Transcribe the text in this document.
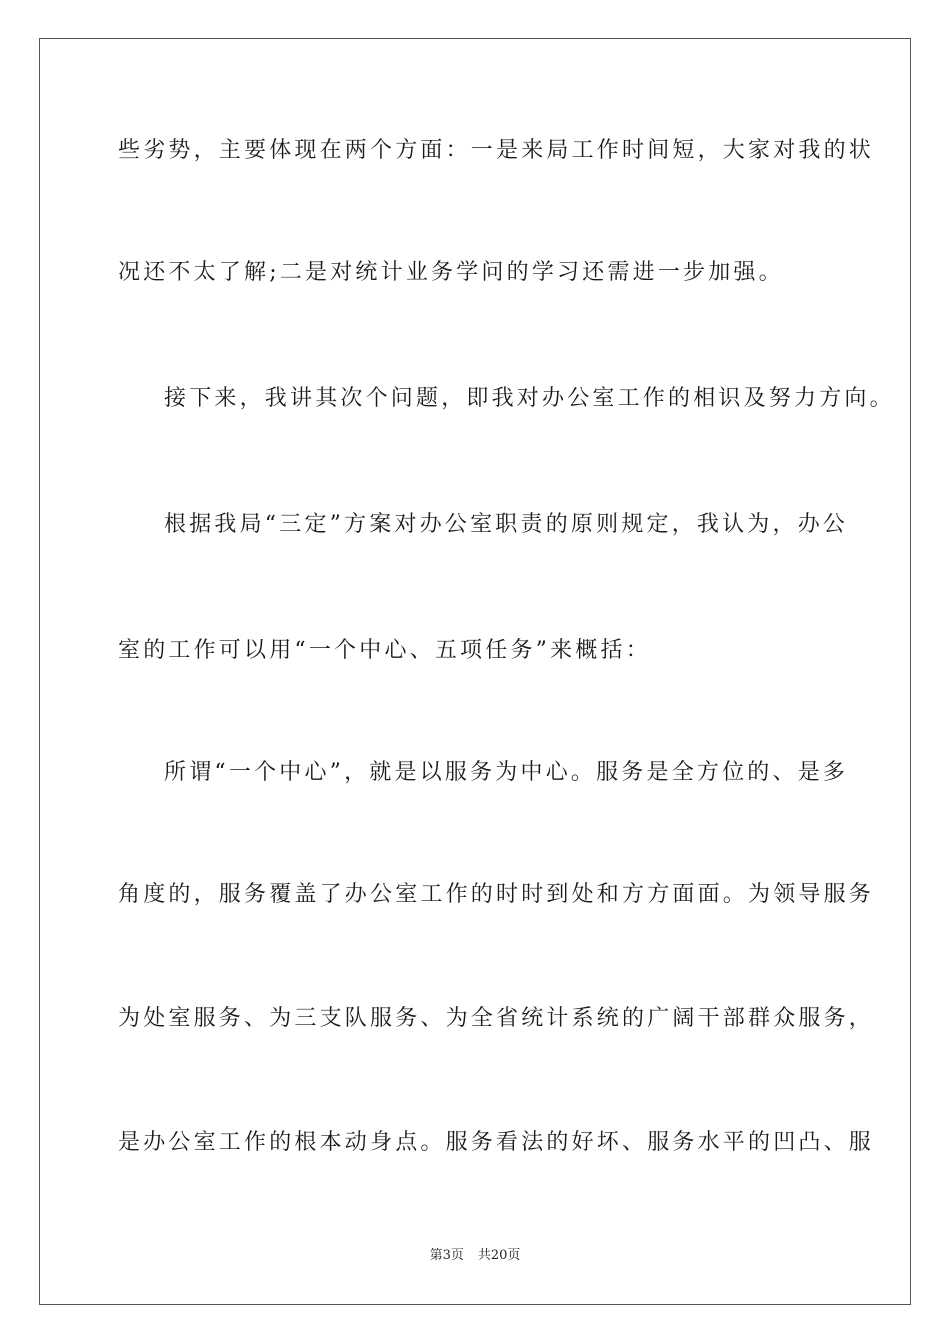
些劣势，主要体现在两个方面：一是来局工作时间短，大家对我的状
况还不太了解;二是对统计业务学问的学习还需进一步加强。
接下来，我讲其次个问题，即我对办公室工作的相识及努力方向。
根据我局“三定”方案对办公室职责的原则规定，我认为，办公
室的工作可以用“一个中心、五项任务”来概括：
所谓“一个中心”，就是以服务为中心。服务是全方位的、是多
角度的，服务覆盖了办公室工作的时时到处和方方面面。为领导服务
为处室服务、为三支队服务、为全省统计系统的广阔干部群众服务，
是办公室工作的根本动身点。服务看法的好坏、服务水平的凹凸、服
第3页 共20页
